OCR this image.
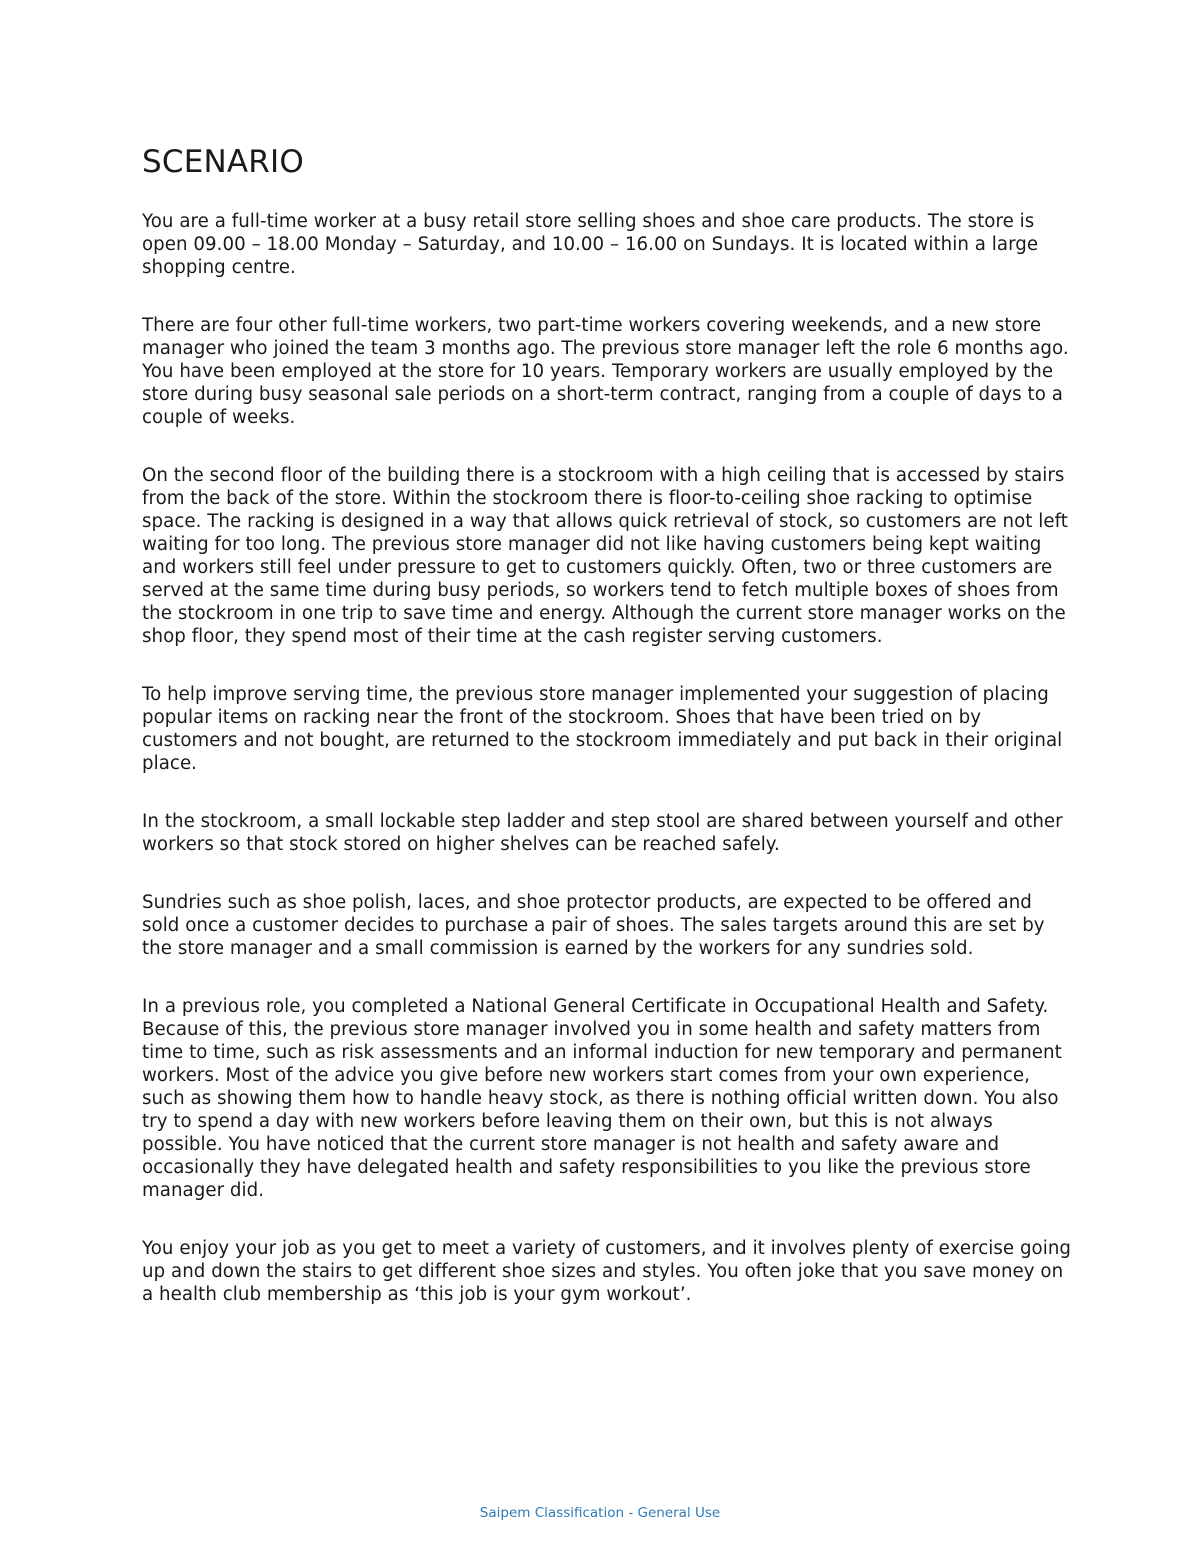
SCENARIO

You are a full-time worker at a busy retail store selling shoes and shoe care products. The store is open 09.00 – 18.00 Monday – Saturday, and 10.00 – 16.00 on Sundays. It is located within a large shopping centre.

There are four other full-time workers, two part-time workers covering weekends, and a new store manager who joined the team 3 months ago. The previous store manager left the role 6 months ago. You have been employed at the store for 10 years. Temporary workers are usually employed by the store during busy seasonal sale periods on a short-term contract, ranging from a couple of days to a couple of weeks.

On the second floor of the building there is a stockroom with a high ceiling that is accessed by stairs from the back of the store. Within the stockroom there is floor-to-ceiling shoe racking to optimise space. The racking is designed in a way that allows quick retrieval of stock, so customers are not left waiting for too long. The previous store manager did not like having customers being kept waiting and workers still feel under pressure to get to customers quickly. Often, two or three customers are served at the same time during busy periods, so workers tend to fetch multiple boxes of shoes from the stockroom in one trip to save time and energy. Although the current store manager works on the shop floor, they spend most of their time at the cash register serving customers.

To help improve serving time, the previous store manager implemented your suggestion of placing popular items on racking near the front of the stockroom. Shoes that have been tried on by customers and not bought, are returned to the stockroom immediately and put back in their original place.

In the stockroom, a small lockable step ladder and step stool are shared between yourself and other workers so that stock stored on higher shelves can be reached safely.

Sundries such as shoe polish, laces, and shoe protector products, are expected to be offered and sold once a customer decides to purchase a pair of shoes. The sales targets around this are set by the store manager and a small commission is earned by the workers for any sundries sold.

In a previous role, you completed a National General Certificate in Occupational Health and Safety. Because of this, the previous store manager involved you in some health and safety matters from time to time, such as risk assessments and an informal induction for new temporary and permanent workers. Most of the advice you give before new workers start comes from your own experience, such as showing them how to handle heavy stock, as there is nothing official written down. You also try to spend a day with new workers before leaving them on their own, but this is not always possible. You have noticed that the current store manager is not health and safety aware and occasionally they have delegated health and safety responsibilities to you like the previous store manager did.

You enjoy your job as you get to meet a variety of customers, and it involves plenty of exercise going up and down the stairs to get different shoe sizes and styles. You often joke that you save money on a health club membership as ‘this job is your gym workout’.

Saipem Classification - General Use
